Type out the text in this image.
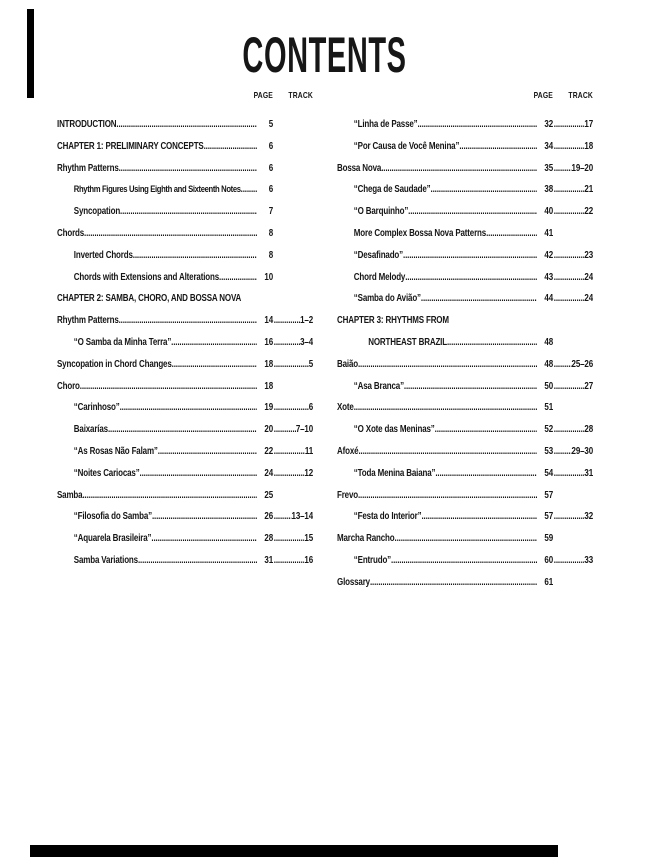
CONTENTS
PAGE	TRACK
INTRODUCTION .....	5
CHAPTER 1: PRELIMINARY CONCEPTS .....	6
Rhythm Patterns .....	6
Rhythm Figures Using Eighth and Sixteenth Notes .....	6
Syncopation .....	7
Chords .....	8
Inverted Chords .....	8
Chords with Extensions and Alterations .....	10
CHAPTER 2: SAMBA, CHORO, AND BOSSA NOVA
Rhythm Patterns .....	14 .....	1–2
“O Samba da Minha Terra” .....	16 .....	3–4
Syncopation in Chord Changes .....	18 .....	5
Choro .....	18
“Carinhoso” .....	19 .....	6
Baixarías .....	20 ..... 7–10
“As Rosas Não Falam” .....	22 .....	11
“Noites Cariocas” .....	24 .....	12
Samba .....	25
“Filosofia do Samba” .....	26 ..... 13–14
“Aquarela Brasileira” .....	28 .....	15
Samba Variations .....	31 .....	16
PAGE	TRACK
“Linha de Passe” .....	32 .....	17
“Por Causa de Você Menina” .....	34 .....	18
Bossa Nova .....	35 ..... 19–20
“Chega de Saudade” .....	38 .....	21
“O Barquinho” .....	40 .....	22
More Complex Bossa Nova Patterns .....	41
“Desafinado” .....	42 .....	23
Chord Melody .....	43 .....	24
“Samba do Avião” .....	44 .....	24
CHAPTER 3: RHYTHMS FROM
NORTHEAST BRAZIL .....	48
Baião .....	48 ..... 25–26
“Asa Branca” .....	50 .....	27
Xote .....	51
“O Xote das Meninas” .....	52 .....	28
Afoxé .....	53 ..... 29–30
“Toda Menina Baiana” .....	54 .....	31
Frevo .....	57
“Festa do Interior” .....	57 .....	32
Marcha Rancho .....	59
“Entrudo” .....	60 .....	33
Glossary .....	61
